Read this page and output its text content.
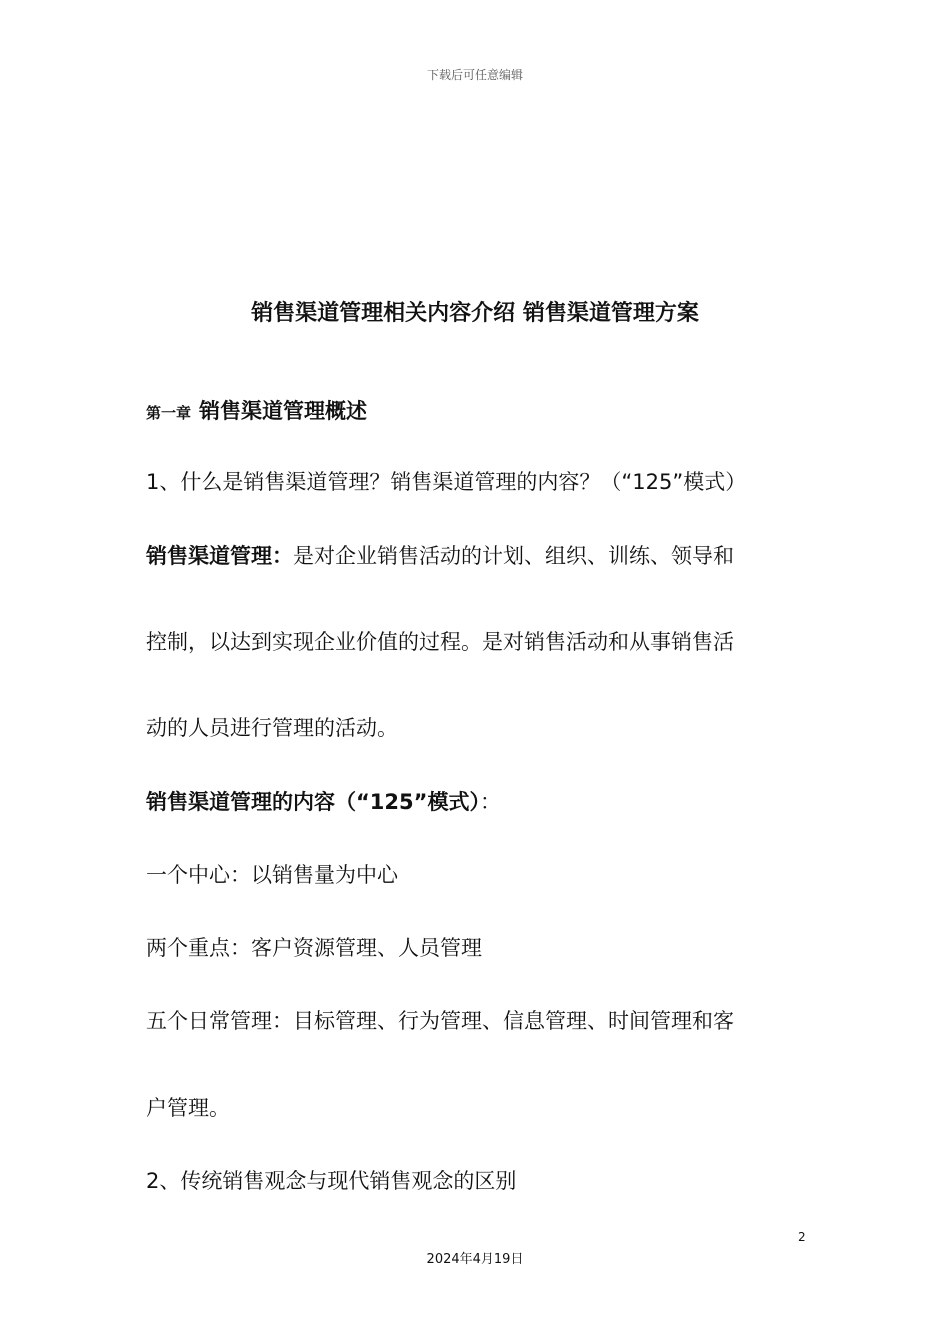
下载后可任意编辑
销售渠道管理相关内容介绍 销售渠道管理方案
第一章 销售渠道管理概述
1、什么是销售渠道管理？销售渠道管理的内容？（“125”模式）
销售渠道管理：是对企业销售活动的计划、组织、训练、领导和
控制，以达到实现企业价值的过程。是对销售活动和从事销售活
动的人员进行管理的活动。
销售渠道管理的内容（“125”模式）：
一个中心：以销售量为中心
两个重点：客户资源管理、人员管理
五个日常管理：目标管理、行为管理、信息管理、时间管理和客
户管理。
2、传统销售观念与现代销售观念的区别
2
2024年4月19日
